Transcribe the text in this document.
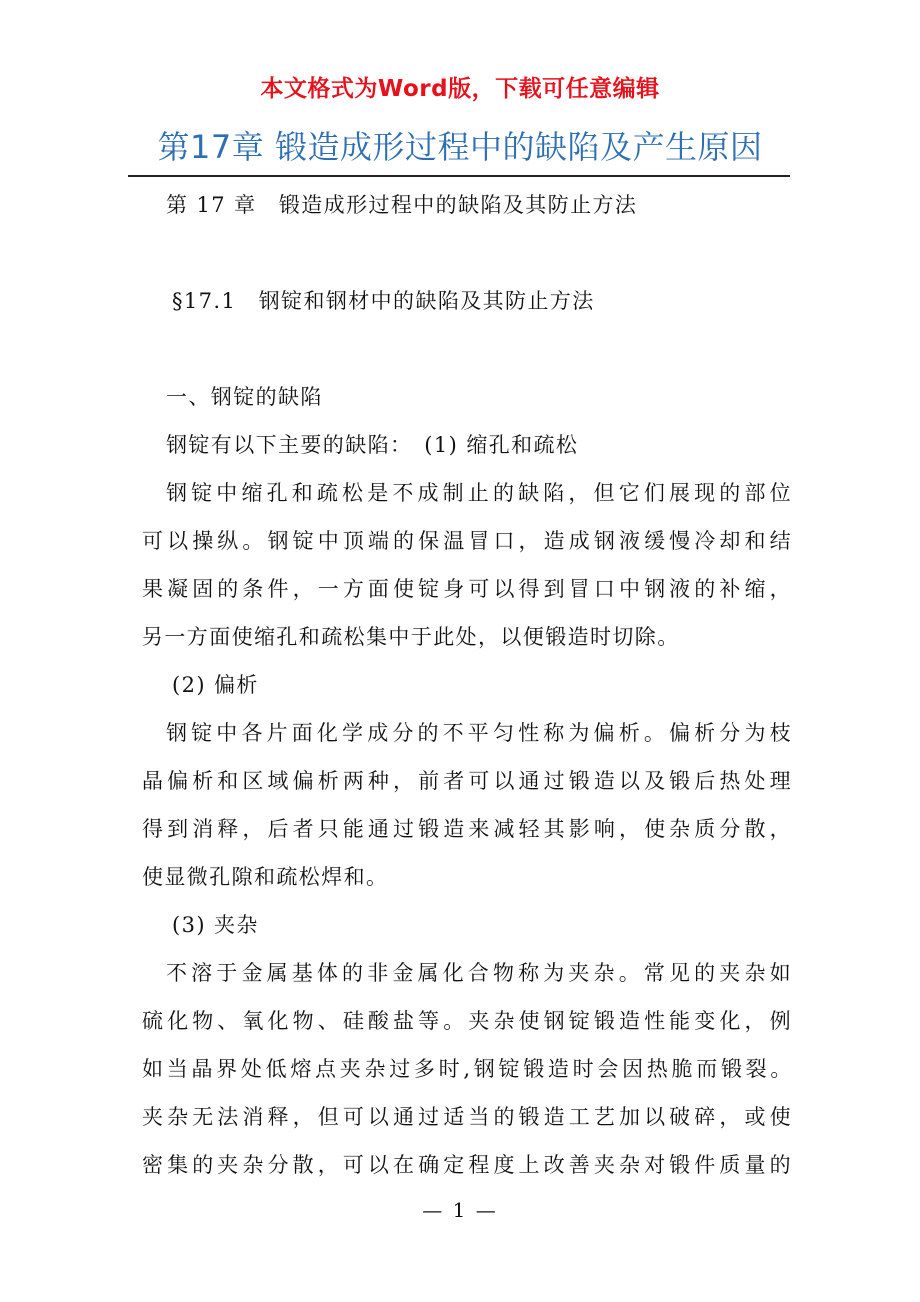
本文格式为Word版，下载可任意编辑
第17章 锻造成形过程中的缺陷及产生原因
第 17 章　锻造成形过程中的缺陷及其防止方法
§17.1　钢锭和钢材中的缺陷及其防止方法
一、钢锭的缺陷
钢锭有以下主要的缺陷：　(1) 缩孔和疏松
钢锭中缩孔和疏松是不成制止的缺陷，但它们展现的部位
可以操纵。钢锭中顶端的保温冒口，造成钢液缓慢冷却和结
果凝固的条件，一方面使锭身可以得到冒口中钢液的补缩，
另一方面使缩孔和疏松集中于此处，以便锻造时切除。
(2) 偏析
钢锭中各片面化学成分的不平匀性称为偏析。偏析分为枝
晶偏析和区域偏析两种，前者可以通过锻造以及锻后热处理
得到消释，后者只能通过锻造来减轻其影响，使杂质分散，
使显微孔隙和疏松焊和。
(3) 夹杂
不溶于金属基体的非金属化合物称为夹杂。常见的夹杂如
硫化物、氧化物、硅酸盐等。夹杂使钢锭锻造性能变化，例
如当晶界处低熔点夹杂过多时,钢锭锻造时会因热脆而锻裂。
夹杂无法消释，但可以通过适当的锻造工艺加以破碎，或使
密集的夹杂分散，可以在确定程度上改善夹杂对锻件质量的
— 1 —
